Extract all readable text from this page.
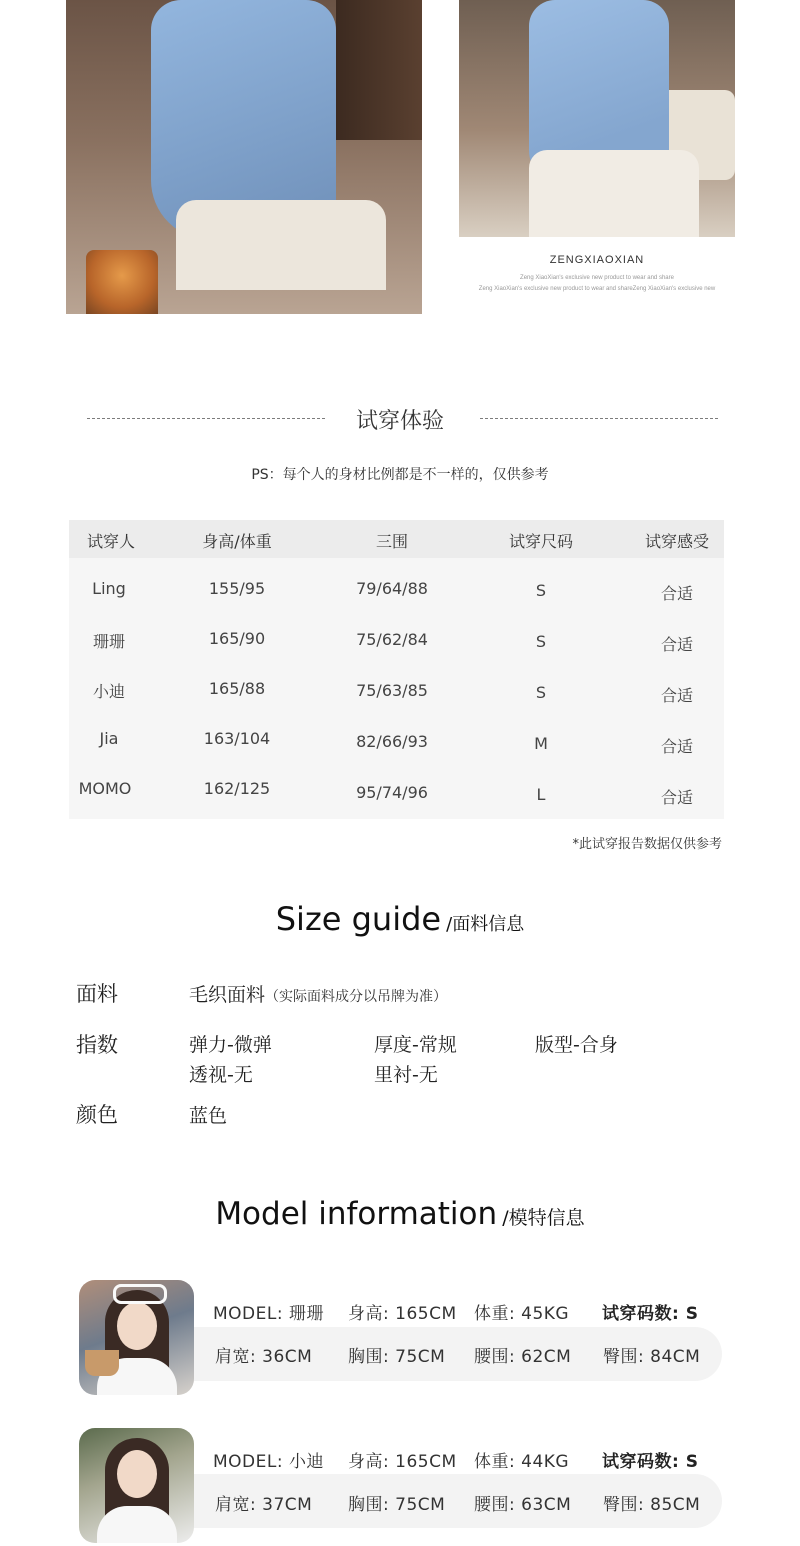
ZENGXIAOXIAN
Zeng XiaoXian's exclusive new product to wear and share
Zeng XiaoXian's exclusive new product to wear and shareZeng XiaoXian's exclusive new
试穿体验
PS：每个人的身材比例都是不一样的，仅供参考
试穿人	身高/体重	三围	试穿尺码	试穿感受
Ling	155/95	79/64/88	S	合适
珊珊	165/90	75/62/84	S	合适
小迪	165/88	75/63/85	S	合适
Jia	163/104	82/66/93	M	合适
MOMO	162/125	95/74/96	L	合适
*此试穿报告数据仅供参考
Size guide /面料信息
面料	毛织面料（实际面料成分以吊牌为准）
指数	弹力-微弹	厚度-常规	版型-合身
透视-无	里衬-无
颜色	蓝色
Model information /模特信息
MODEL: 珊珊 身高: 165CM 体重: 45KG 试穿码数: S
肩宽: 36CM 胸围: 75CM 腰围: 62CM 臀围: 84CM
MODEL: 小迪 身高: 165CM 体重: 44KG 试穿码数: S
肩宽: 37CM 胸围: 75CM 腰围: 63CM 臀围: 85CM
